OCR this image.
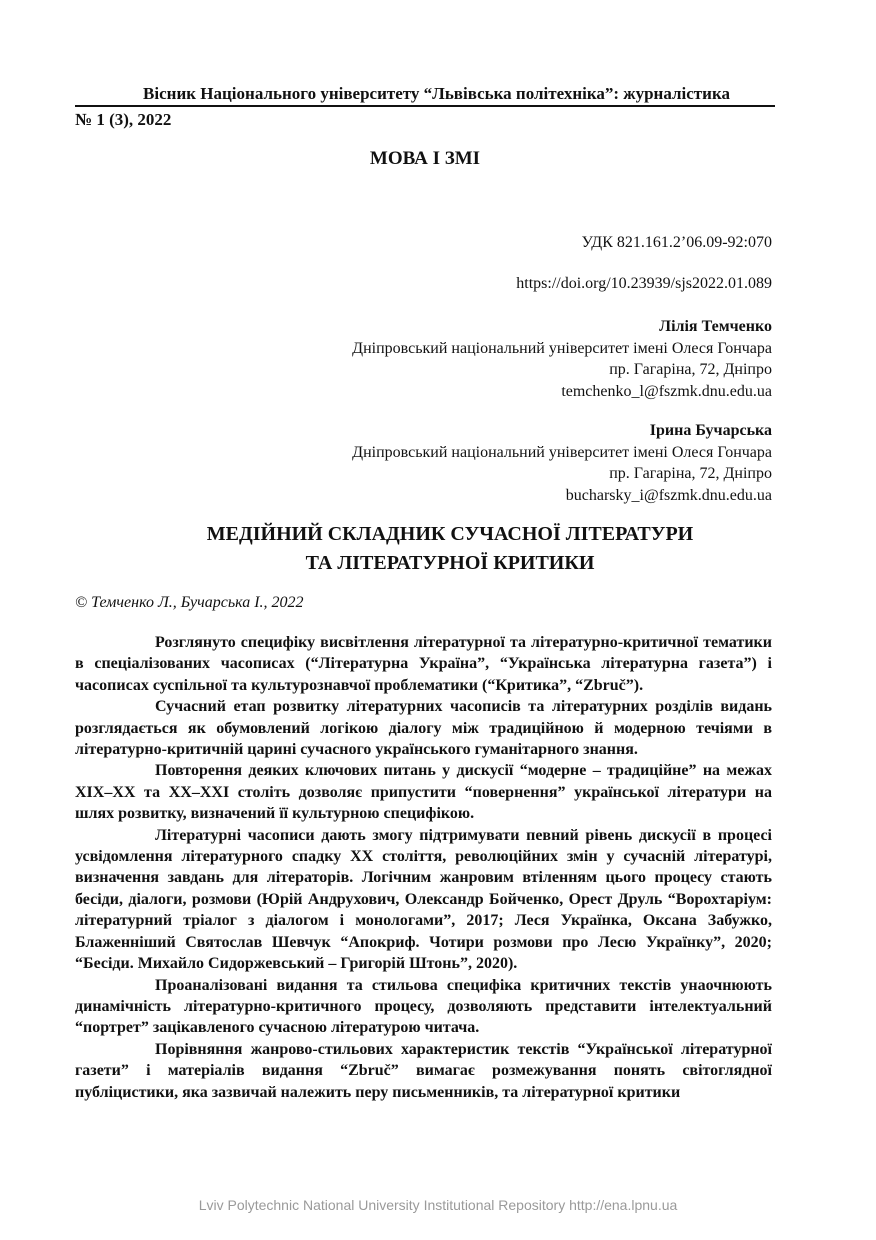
Вісник Національного університету “Львівська політехніка”: журналістика
№ 1 (3), 2022
МОВА І ЗМІ
УДК 821.161.2’06.09-92:070
https://doi.org/10.23939/sjs2022.01.089
Лілія Темченко
Дніпровський національний університет імені Олеся Гончара
пр. Гагаріна, 72, Дніпро
temchenko_l@fszmk.dnu.edu.ua
Ірина Бучарська
Дніпровський національний університет імені Олеся Гончара
пр. Гагаріна, 72, Дніпро
bucharsky_i@fszmk.dnu.edu.ua
МЕДІЙНИЙ СКЛАДНИК СУЧАСНОЇ ЛІТЕРАТУРИ
ТА ЛІТЕРАТУРНОЇ КРИТИКИ
© Темченко Л., Бучарська І., 2022

Розглянуто специфіку висвітлення літературної та літературно-критичної тематики в спеціалізованих часописах (“Літературна Україна”, “Українська літературна газета”) і часописах суспільної та культурознавчої проблематики (“Критика”, “Zbruč”).

Сучасний етап розвитку літературних часописів та літературних розділів видань розглядається як обумовлений логікою діалогу між традиційною й модерною течіями в літературно-критичній царині сучасного українського гуманітарного знання.

Повторення деяких ключових питань у дискусії “модерне – традиційне” на межах XIX–XX та XX–XXI століть дозволяє припустити “повернення” української літератури на шлях розвитку, визначений її культурною специфікою.

Літературні часописи дають змогу підтримувати певний рівень дискусії в процесі усвідомлення літературного спадку XX століття, революційних змін у сучасній літературі, визначення завдань для літераторів. Логічним жанровим втіленням цього процесу стають бесіди, діалоги, розмови (Юрій Андрухович, Олександр Бойченко, Орест Друль “Ворохтаріум: літературний тріалог з діалогом і монологами”, 2017; Леся Українка, Оксана Забужко, Блаженніший Святослав Шевчук “Апокриф. Чотири розмови про Лесю Українку”, 2020; “Бесіди. Михайло Сидоржевський – Григорій Штонь”, 2020).

Проаналізовані видання та стильова специфіка критичних текстів унаочнюють динамічність літературно-критичного процесу, дозволяють представити інтелектуальний “портрет” зацікавленого сучасною літературою читача.

Порівняння жанрово-стильових характеристик текстів “Української літературної газети” і матеріалів видання “Zbruč” вимагає розмежування понять світоглядної публіцистики, яка зазвичай належить перу письменників, та літературної критики

Lviv Polytechnic National University Institutional Repository http://ena.lpnu.ua
